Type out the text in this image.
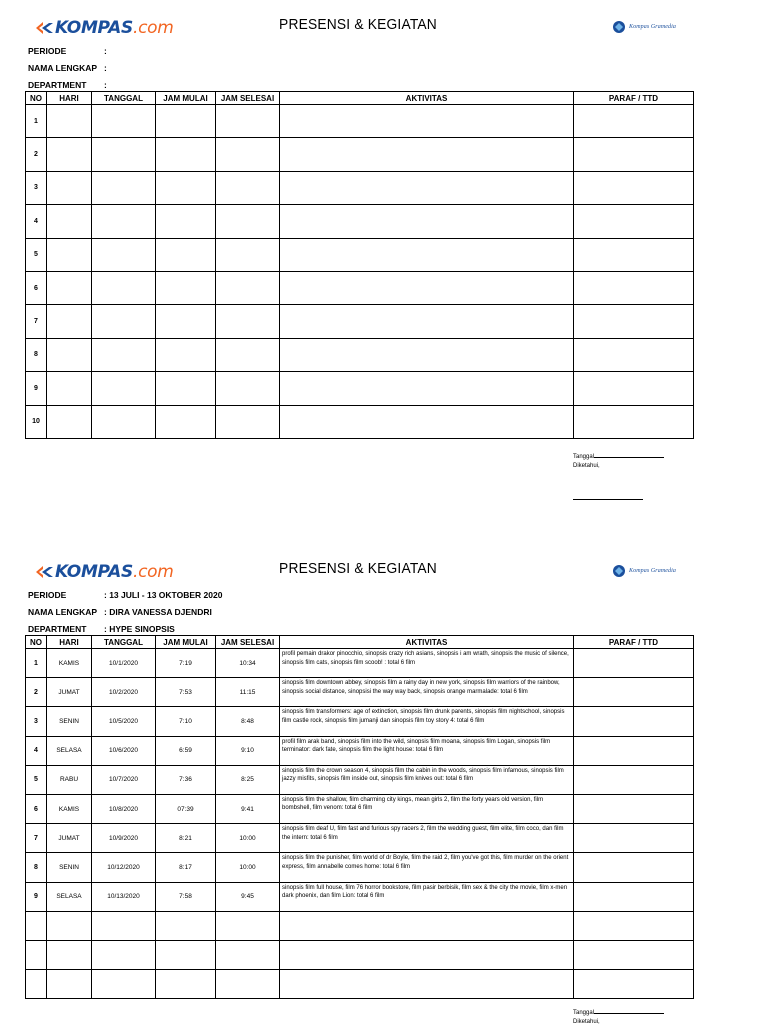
KOMPAS.com	PRESENSI & KEGIATAN	Kompas Gramedia
PERIODE	:
NAMA LENGKAP :
DEPARTMENT :
NO	HARI	TANGGAL	JAM MULAI	JAM SELESAI	AKTIVITAS	PARAF / TTD
1						
2						
3						
4						
5						
6						
7						
8						
9						
10						
Tanggal
Diketahui,
KOMPAS.com	PRESENSI & KEGIATAN	Kompas Gramedia
PERIODE	: 13 JULI - 13 OKTOBER 2020
NAMA LENGKAP : DIRA VANESSA DJENDRI
DEPARTMENT : HYPE SINOPSIS
NO	HARI	TANGGAL	JAM MULAI	JAM SELESAI	AKTIVITAS	PARAF / TTD
1	KAMIS	10/1/2020	7:19	10:34	profil pemain drakor pinocchio, sinopsis crazy rich asians, sinopsis i am wrath, sinopsis the music of silence, sinopsis film cats, sinopsis film scoob! : total 6 film	
2	JUMAT	10/2/2020	7:53	11:15	sinopsis film downtown abbey, sinopsis film a rainy day in new york, sinopsis film warriors of the rainbow, sinopsis social distance, sinopsisi the way way back, sinopsis orange marmalade: total 6 film	
3	SENIN	10/5/2020	7:10	8:48	sinopsis film transformers: age of extinction, sinopsis film drunk parents, sinopsis film nightschool, sinopsis film castle rock, sinopsis film jumanji dan sinopsis film toy story 4: total 6 film	
4	SELASA	10/6/2020	6:59	9:10	profil film arak band, sinopsis film into the wild, sinopsis film moana, sinopsis film Logan, sinopsis film terminator: dark fate, sinopsis film the light house: total 6 film	
5	RABU	10/7/2020	7:36	8:25	sinopsis film the crown season 4, sinopsis film the cabin in the woods, sinopsis film infamous, sinopsis film jazzy misfits, sinopsis film inside out, sinopsis film knives out: total 6 film	
6	KAMIS	10/8/2020	07:39	9:41	sinopsis film the shallow, film charming city kings, mean girls 2, film the forty years old version, film bombshell, film venom: total 6 film	
7	JUMAT	10/9/2020	8:21	10:00	sinopsis film deaf U, film fast and furious spy racers 2, film the wedding guest, film elite, film coco, dan film the intern: total 6 film	
8	SENIN	10/12/2020	8:17	10:00	sinopsis film the punisher, film world of dr Boyle, film the raid 2, film you've got this, film murder on the orient express, film annabelle comes home: total 6 film	
9	SELASA	10/13/2020	7:58	9:45	sinopsis film full house, film 76 horror bookstore, film pasir berbisik, film sex & the city the movie, film x-men dark phoenix, dan film Lion: total 6 film	

Tanggal
Diketahui,
